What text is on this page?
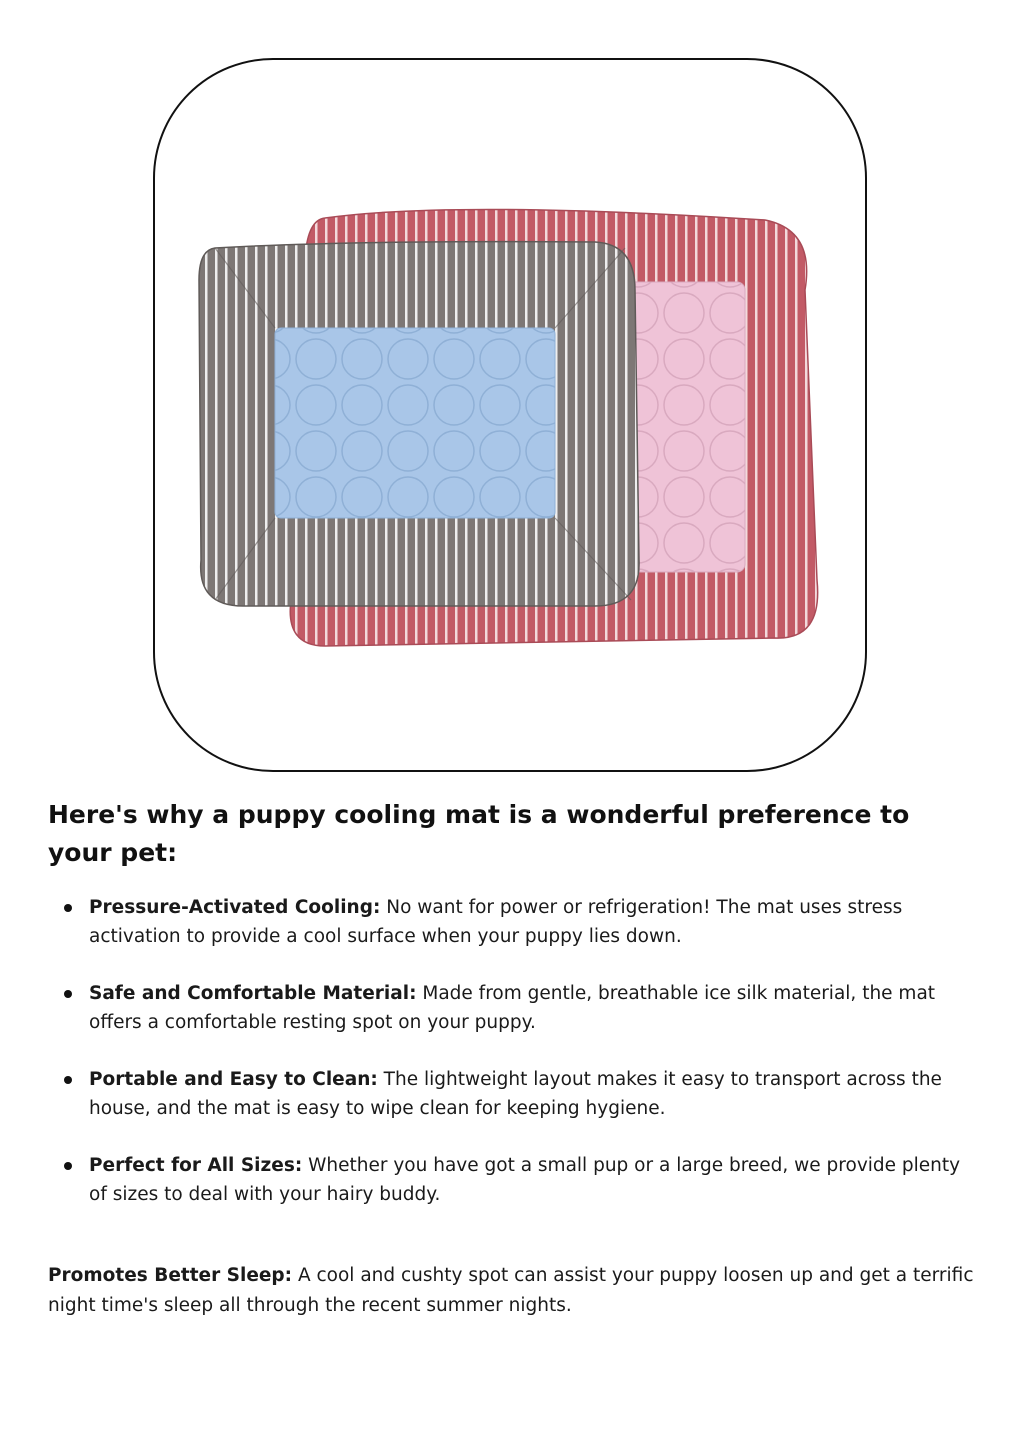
Here's why a puppy cooling mat is a wonderful preference to your pet:
Pressure-Activated Cooling: No want for power or refrigeration! The mat uses stress activation to provide a cool surface when your puppy lies down.
Safe and Comfortable Material: Made from gentle, breathable ice silk material, the mat offers a comfortable resting spot on your puppy.
Portable and Easy to Clean: The lightweight layout makes it easy to transport across the house, and the mat is easy to wipe clean for keeping hygiene.
Perfect for All Sizes: Whether you have got a small pup or a large breed, we provide plenty of sizes to deal with your hairy buddy.

Promotes Better Sleep: A cool and cushty spot can assist your puppy loosen up and get a terrific night time's sleep all through the recent summer nights.
